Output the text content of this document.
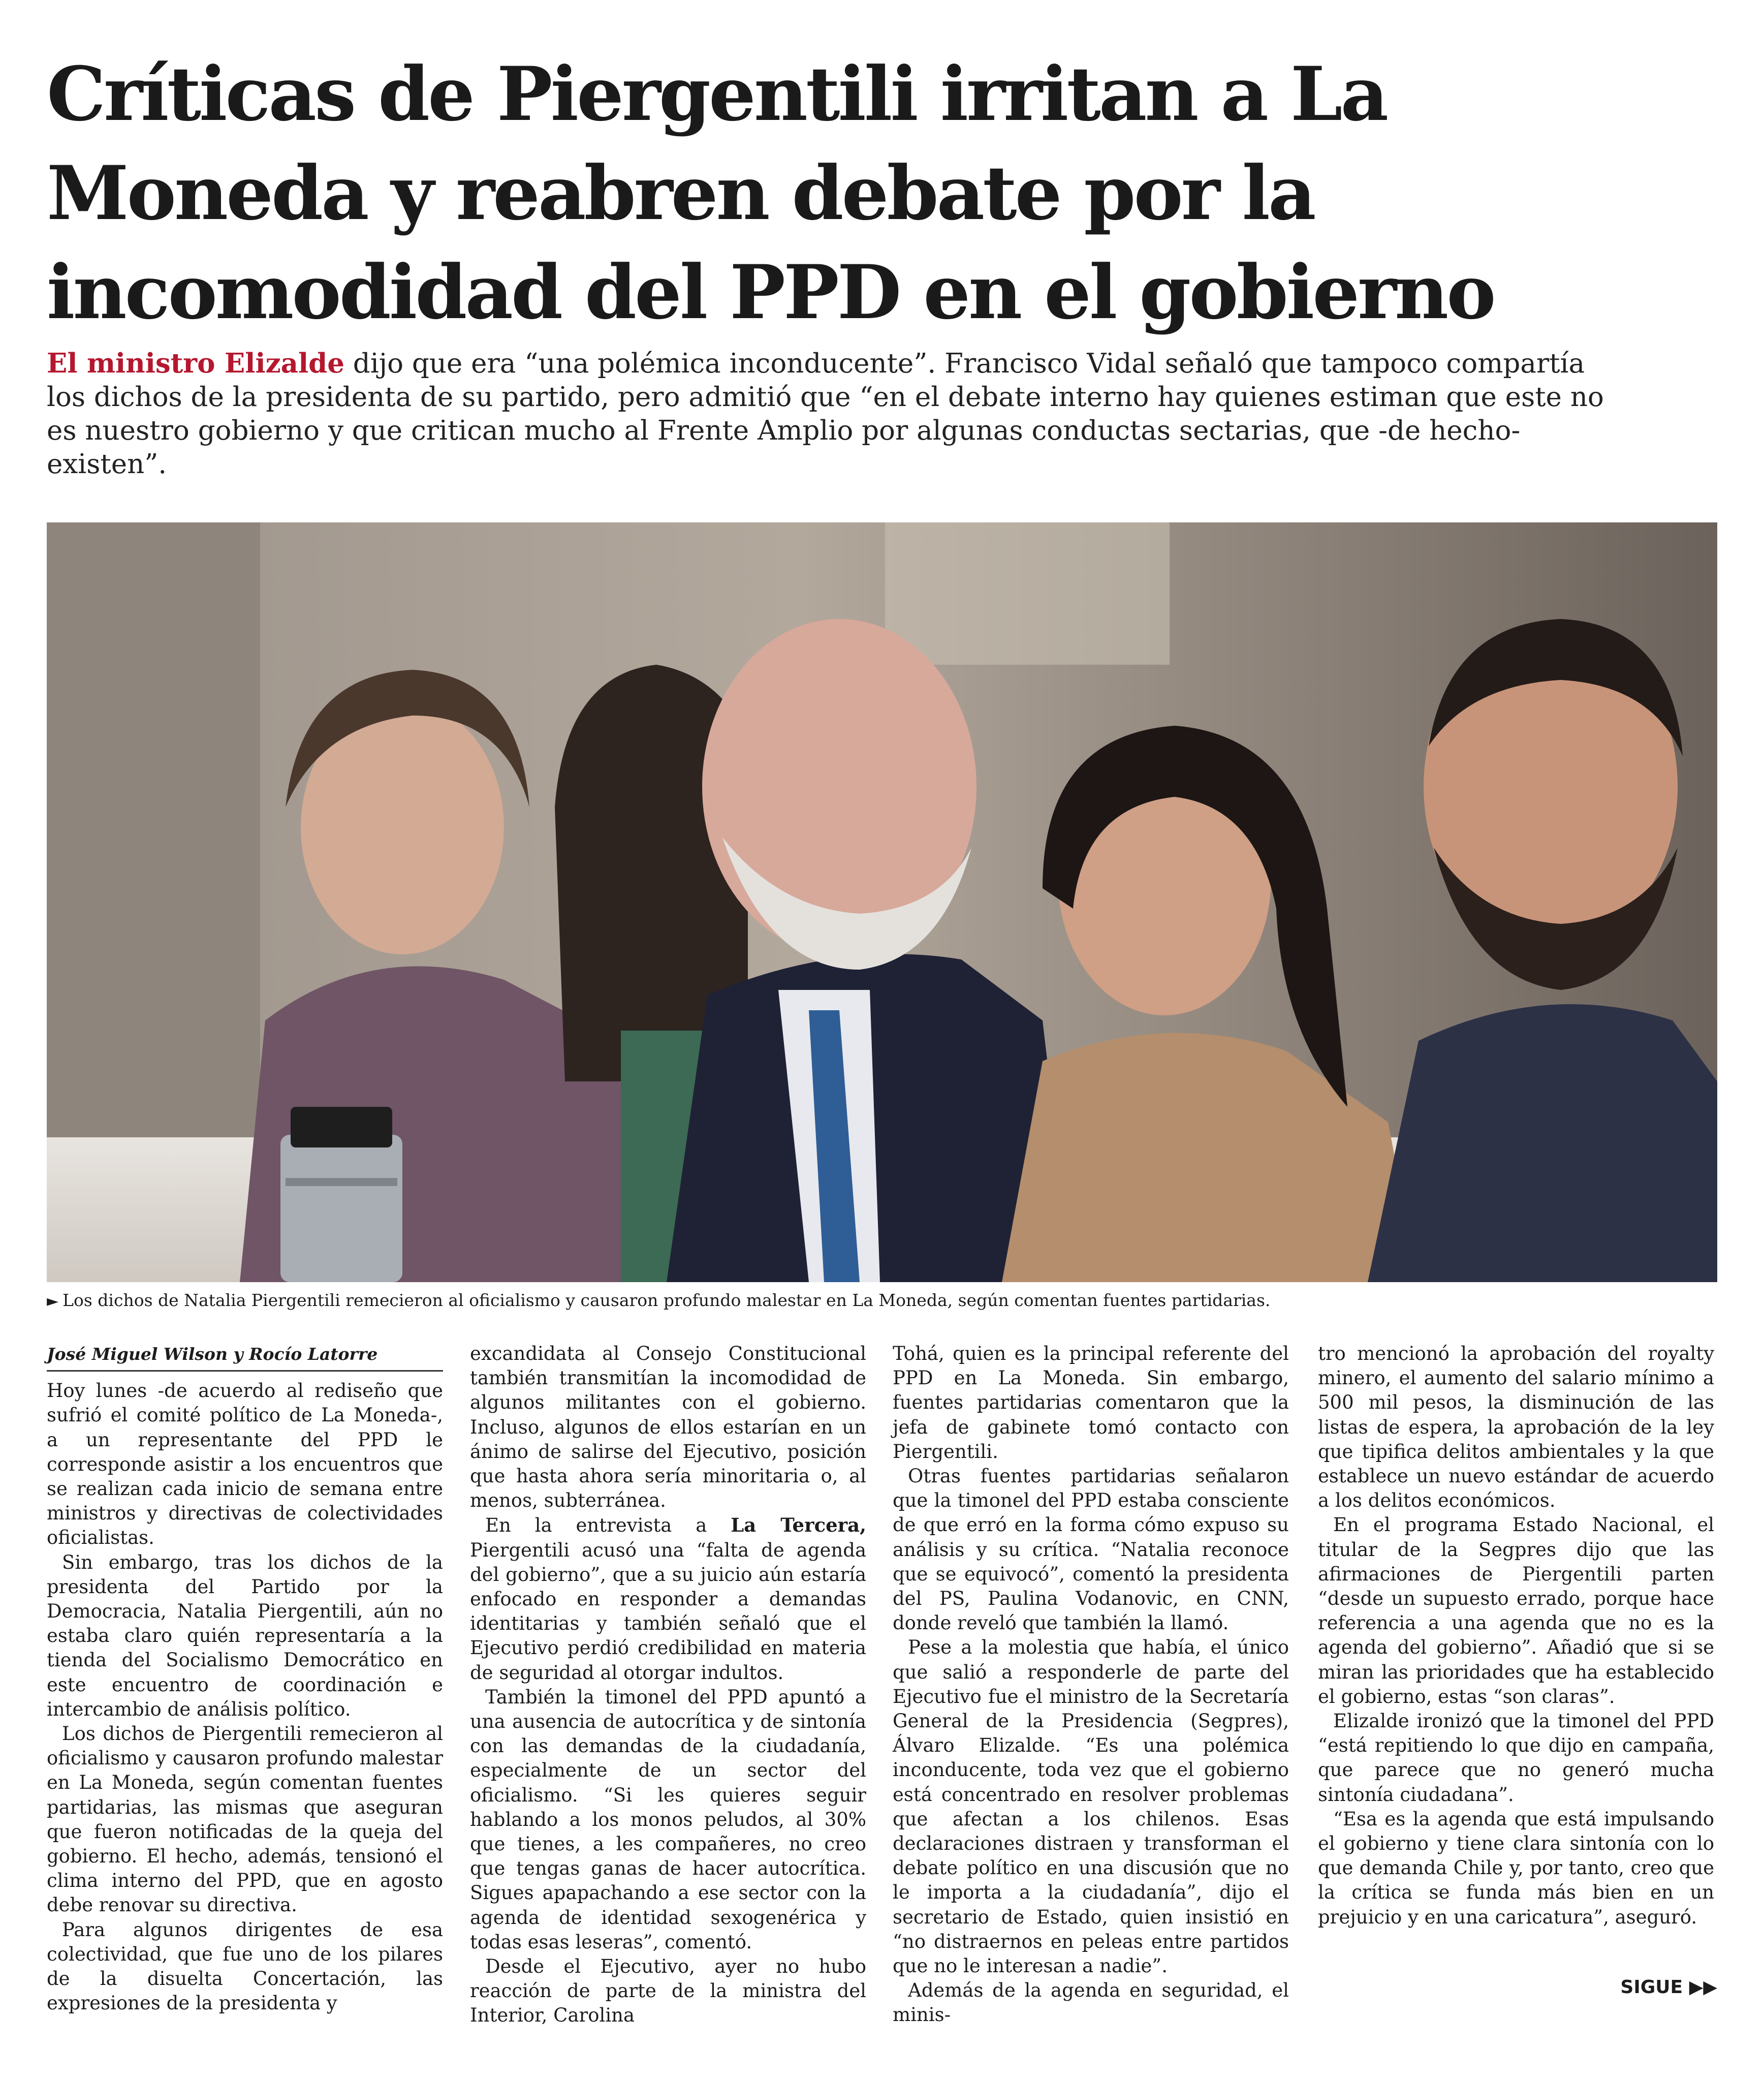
Críticas de Piergentili irritan a La Moneda y reabren debate por la incomodidad del PPD en el gobierno

El ministro Elizalde dijo que era “una polémica inconducente”. Francisco Vidal señaló que tampoco compartía los dichos de la presidenta de su partido, pero admitió que “en el debate interno hay quienes estiman que este no es nuestro gobierno y que critican mucho al Frente Amplio por algunas conductas sectarias, que -de hecho- existen”.

► Los dichos de Natalia Piergentili remecieron al oficialismo y causaron profundo malestar en La Moneda, según comentan fuentes partidarias.

José Miguel Wilson y Rocío Latorre

Hoy lunes -de acuerdo al rediseño que sufrió el comité político de La Moneda-, a un representante del PPD le corresponde asistir a los encuentros que se realizan cada inicio de semana entre ministros y directivas de colectividades oficialistas.

Sin embargo, tras los dichos de la presidenta del Partido por la Democracia, Natalia Piergentili, aún no estaba claro quién representaría a la tienda del Socialismo Democrático en este encuentro de coordinación e intercambio de análisis político.

Los dichos de Piergentili remecieron al oficialismo y causaron profundo malestar en La Moneda, según comentan fuentes partidarias, las mismas que aseguran que fueron notificadas de la queja del gobierno. El hecho, además, tensionó el clima interno del PPD, que en agosto debe renovar su directiva.

Para algunos dirigentes de esa colectividad, que fue uno de los pilares de la disuelta Concertación, las expresiones de la presidenta y

excandidata al Consejo Constitucional también transmitían la incomodidad de algunos militantes con el gobierno. Incluso, algunos de ellos estarían en un ánimo de salirse del Ejecutivo, posición que hasta ahora sería minoritaria o, al menos, subterránea.

En la entrevista a La Tercera, Piergentili acusó una “falta de agenda del gobierno”, que a su juicio aún estaría enfocado en responder a demandas identitarias y también señaló que el Ejecutivo perdió credibilidad en materia de seguridad al otorgar indultos.

También la timonel del PPD apuntó a una ausencia de autocrítica y de sintonía con las demandas de la ciudadanía, especialmente de un sector del oficialismo. “Si les quieres seguir hablando a los monos peludos, al 30% que tienes, a les compañeres, no creo que tengas ganas de hacer autocrítica. Sigues apapachando a ese sector con la agenda de identidad sexogenérica y todas esas leseras”, comentó.

Desde el Ejecutivo, ayer no hubo reacción de parte de la ministra del Interior, Carolina

Tohá, quien es la principal referente del PPD en La Moneda. Sin embargo, fuentes partidarias comentaron que la jefa de gabinete tomó contacto con Piergentili.

Otras fuentes partidarias señalaron que la timonel del PPD estaba consciente de que erró en la forma cómo expuso su análisis y su crítica. “Natalia reconoce que se equivocó”, comentó la presidenta del PS, Paulina Vodanovic, en CNN, donde reveló que también la llamó.

Pese a la molestia que había, el único que salió a responderle de parte del Ejecutivo fue el ministro de la Secretaría General de la Presidencia (Segpres), Álvaro Elizalde. “Es una polémica inconducente, toda vez que el gobierno está concentrado en resolver problemas que afectan a los chilenos. Esas declaraciones distraen y transforman el debate político en una discusión que no le importa a la ciudadanía”, dijo el secretario de Estado, quien insistió en “no distraernos en peleas entre partidos que no le interesan a nadie”.

Además de la agenda en seguridad, el minis-

tro mencionó la aprobación del royalty minero, el aumento del salario mínimo a 500 mil pesos, la disminución de las listas de espera, la aprobación de la ley que tipifica delitos ambientales y la que establece un nuevo estándar de acuerdo a los delitos económicos.

En el programa Estado Nacional, el titular de la Segpres dijo que las afirmaciones de Piergentili parten “desde un supuesto errado, porque hace referencia a una agenda que no es la agenda del gobierno”. Añadió que si se miran las prioridades que ha establecido el gobierno, estas “son claras”.

Elizalde ironizó que la timonel del PPD “está repitiendo lo que dijo en campaña, que parece que no generó mucha sintonía ciudadana”.

“Esa es la agenda que está impulsando el gobierno y tiene clara sintonía con lo que demanda Chile y, por tanto, creo que la crítica se funda más bien en un prejuicio y en una caricatura”, aseguró.

SIGUE ▶▶
